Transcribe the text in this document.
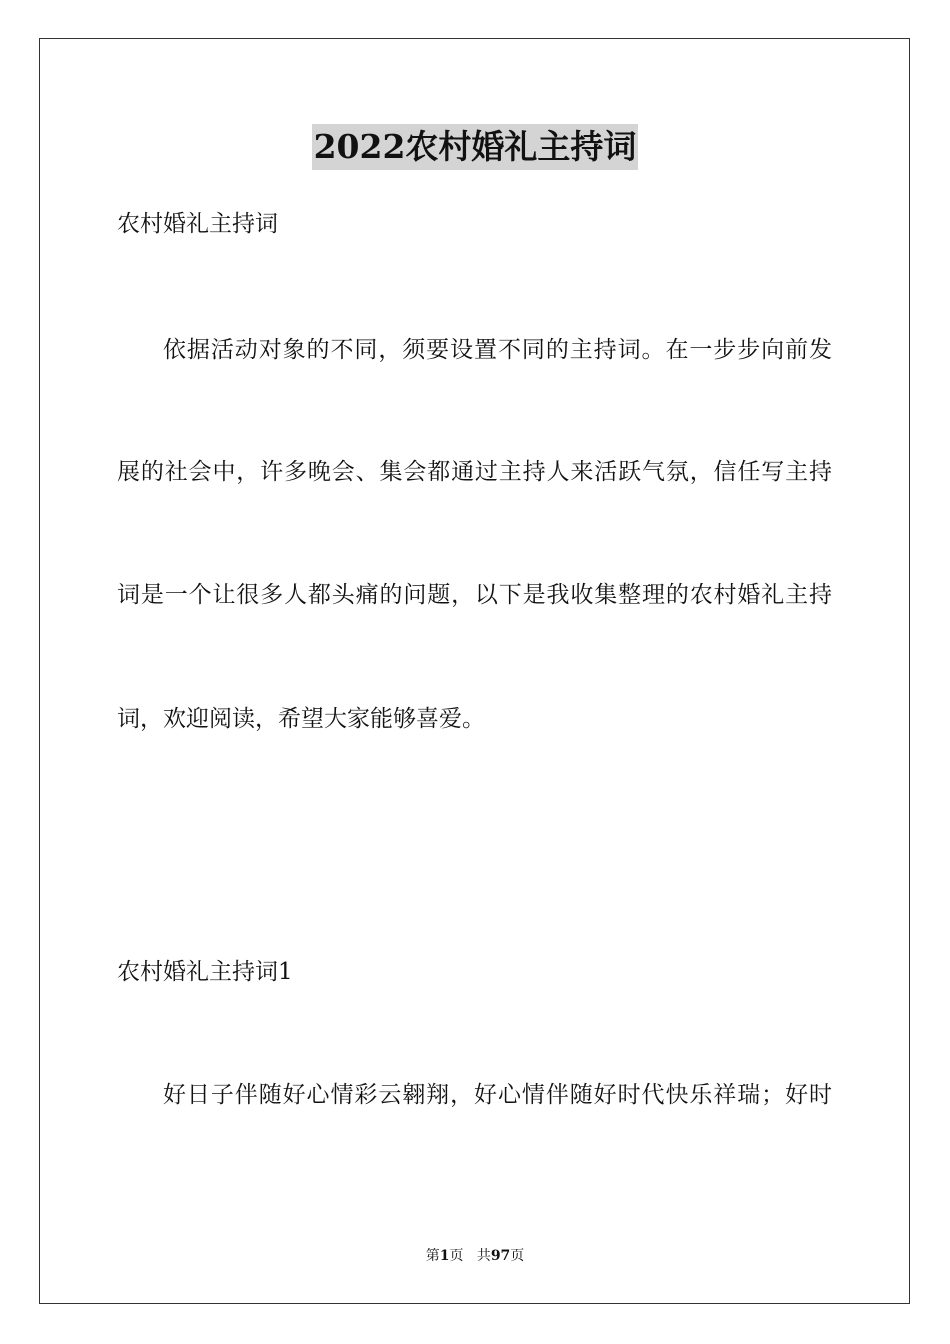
2022农村婚礼主持词
农村婚礼主持词
依据活动对象的不同，须要设置不同的主持词。在一步步向前发
展的社会中，许多晚会、集会都通过主持人来活跃气氛，信任写主持
词是一个让很多人都头痛的问题，以下是我收集整理的农村婚礼主持
词，欢迎阅读，希望大家能够喜爱。
农村婚礼主持词1
好日子伴随好心情彩云翱翔，好心情伴随好时代快乐祥瑞；好时
第1页 共97页
